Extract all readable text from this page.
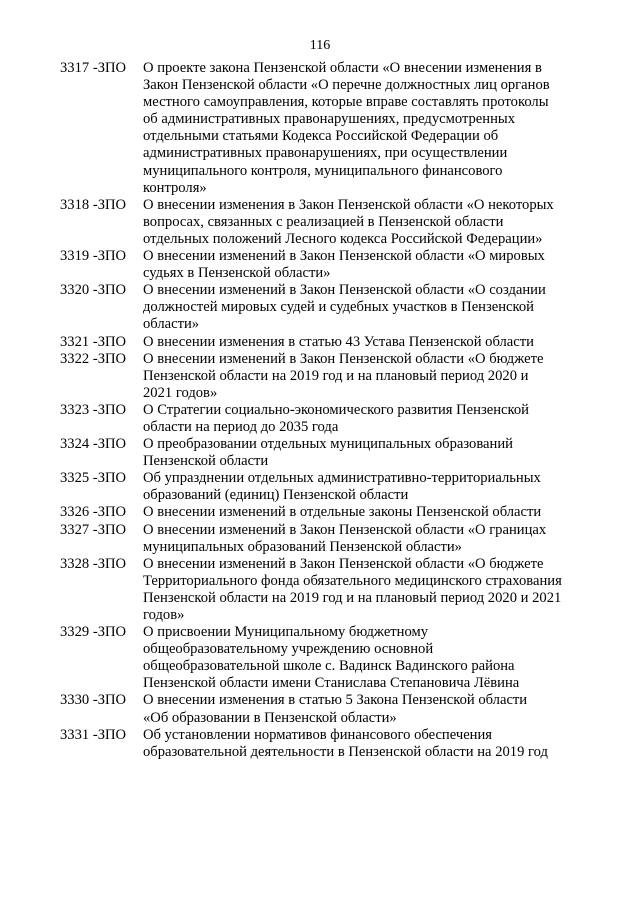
116
3317 -ЗПО	О проекте закона Пензенской области «О внесении изменения в
Закон Пензенской области «О перечне должностных лиц органов
местного самоуправления, которые вправе составлять протоколы
об административных правонарушениях, предусмотренных
отдельными статьями Кодекса Российской Федерации об
административных правонарушениях, при осуществлении
муниципального контроля, муниципального финансового
контроля»
3318 -ЗПО	О внесении изменения в Закон Пензенской области «О некоторых
вопросах, связанных с реализацией в Пензенской области
отдельных положений Лесного кодекса Российской Федерации»
3319 -ЗПО	О внесении изменений в Закон Пензенской области «О мировых
судьях в Пензенской области»
3320 -ЗПО	О внесении изменений в Закон Пензенской области «О создании
должностей мировых судей и судебных участков в Пензенской
области»
3321 -ЗПО	О внесении изменения в статью 43 Устава Пензенской области
3322 -ЗПО	О внесении изменений в Закон Пензенской области «О бюджете
Пензенской области на 2019 год и на плановый период 2020 и
2021 годов»
3323 -ЗПО	О Стратегии социально-экономического развития Пензенской
области на период до 2035 года
3324 -ЗПО	О преобразовании отдельных муниципальных образований
Пензенской области
3325 -ЗПО	Об упразднении отдельных административно-территориальных
образований (единиц) Пензенской области
3326 -ЗПО	О внесении изменений в отдельные законы Пензенской области
3327 -ЗПО	О внесении изменений в Закон Пензенской области «О границах
муниципальных образований Пензенской области»
3328 -ЗПО	О внесении изменений в Закон Пензенской области «О бюджете
Территориального фонда обязательного медицинского страхования
Пензенской области на 2019 год и на плановый период 2020 и 2021
годов»
3329 -ЗПО	О присвоении Муниципальному бюджетному
общеобразовательному учреждению основной
общеобразовательной школе с. Вадинск Вадинского района
Пензенской области имени Станислава Степановича Лёвина
3330 -ЗПО	О внесении изменения в статью 5 Закона Пензенской области
«Об образовании в Пензенской области»
3331 -ЗПО	Об установлении нормативов финансового обеспечения
образовательной деятельности в Пензенской области на 2019 год
